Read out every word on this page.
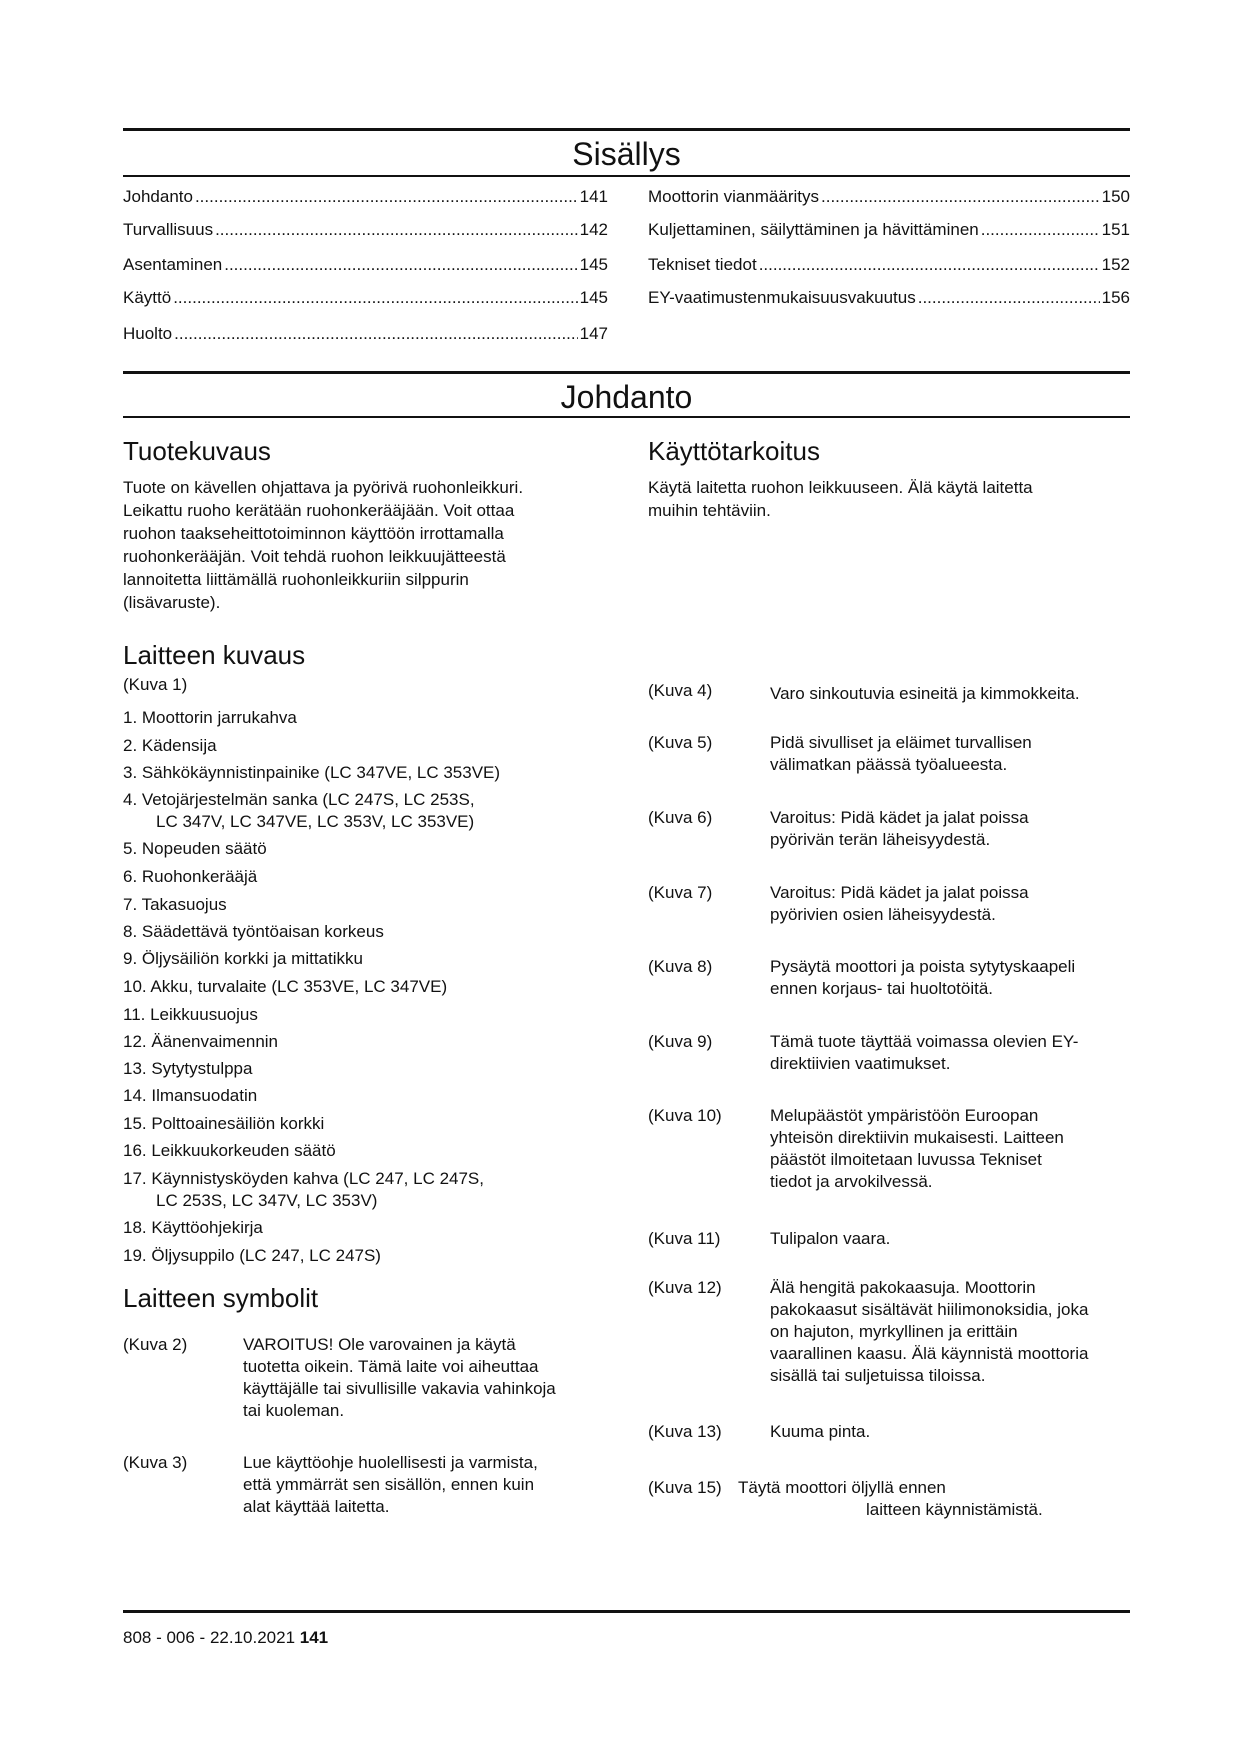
Sisällys
Johdanto .....	141
Turvallisuus .....	142
Asentaminen .....	145
Käyttö .....	145
Huolto .....	147
Moottorin vianmääritys .....	150
Kuljettaminen, säilyttäminen ja hävittäminen .....	151
Tekniset tiedot .....	152
EY-vaatimustenmukaisuusvakuutus .....	156
Johdanto
Tuotekuvaus
Tuote on kävellen ohjattava ja pyörivä ruohonleikkuri.
Leikattu ruoho kerätään ruohonkerääjään. Voit ottaa
ruohon taakseheittotoiminnon käyttöön irrottamalla
ruohonkerääjän. Voit tehdä ruohon leikkuujätteestä
lannoitetta liittämällä ruohonleikkuriin silppurin
(lisävaruste).
Käyttötarkoitus
Käytä laitetta ruohon leikkuuseen. Älä käytä laitetta
muihin tehtäviin.
Laitteen kuvaus
(Kuva 1)
1. Moottorin jarrukahva
2. Kädensija
3. Sähkökäynnistinpainike (LC 347VE, LC 353VE)
4. Vetojärjestelmän sanka (LC 247S, LC 253S,
LC 347V, LC 347VE, LC 353V, LC 353VE)
5. Nopeuden säätö
6. Ruohonkerääjä
7. Takasuojus
8. Säädettävä työntöaisan korkeus
9. Öljysäiliön korkki ja mittatikku
10. Akku, turvalaite (LC 353VE, LC 347VE)
11. Leikkuusuojus
12. Äänenvaimennin
13. Sytytystulppa
14. Ilmansuodatin
15. Polttoainesäiliön korkki
16. Leikkuukorkeuden säätö
17. Käynnistysköyden kahva (LC 247, LC 247S,
LC 253S, LC 347V, LC 353V)
18. Käyttöohjekirja
19. Öljysuppilo (LC 247, LC 247S)
Laitteen symbolit
(Kuva 2)	VAROITUS! Ole varovainen ja käytä
tuotetta oikein. Tämä laite voi aiheuttaa
käyttäjälle tai sivullisille vakavia vahinkoja
tai kuoleman.
(Kuva 3)	Lue käyttöohje huolellisesti ja varmista,
että ymmärrät sen sisällön, ennen kuin
alat käyttää laitetta.
(Kuva 4)	Varo sinkoutuvia esineitä ja kimmokkeita.
(Kuva 5)	Pidä sivulliset ja eläimet turvallisen
välimatkan päässä työalueesta.
(Kuva 6)	Varoitus: Pidä kädet ja jalat poissa
pyörivän terän läheisyydestä.
(Kuva 7)	Varoitus: Pidä kädet ja jalat poissa
pyörivien osien läheisyydestä.
(Kuva 8)	Pysäytä moottori ja poista sytytyskaapeli
ennen korjaus- tai huoltotöitä.
(Kuva 9)	Tämä tuote täyttää voimassa olevien EY-
direktiivien vaatimukset.
(Kuva 10)	Melupäästöt ympäristöön Euroopan
yhteisön direktiivin mukaisesti. Laitteen
päästöt ilmoitetaan luvussa Tekniset
tiedot ja arvokilvessä.
(Kuva 11)	Tulipalon vaara.
(Kuva 12)	Älä hengitä pakokaasuja. Moottorin
pakokaasut sisältävät hiilimonoksidia, joka
on hajuton, myrkyllinen ja erittäin
vaarallinen kaasu. Älä käynnistä moottoria
sisällä tai suljetuissa tiloissa.
(Kuva 13)	Kuuma pinta.
(Kuva 15) Täytä moottori öljyllä ennen
laitteen käynnistämistä.
808 - 006 - 22.10.2021 141
